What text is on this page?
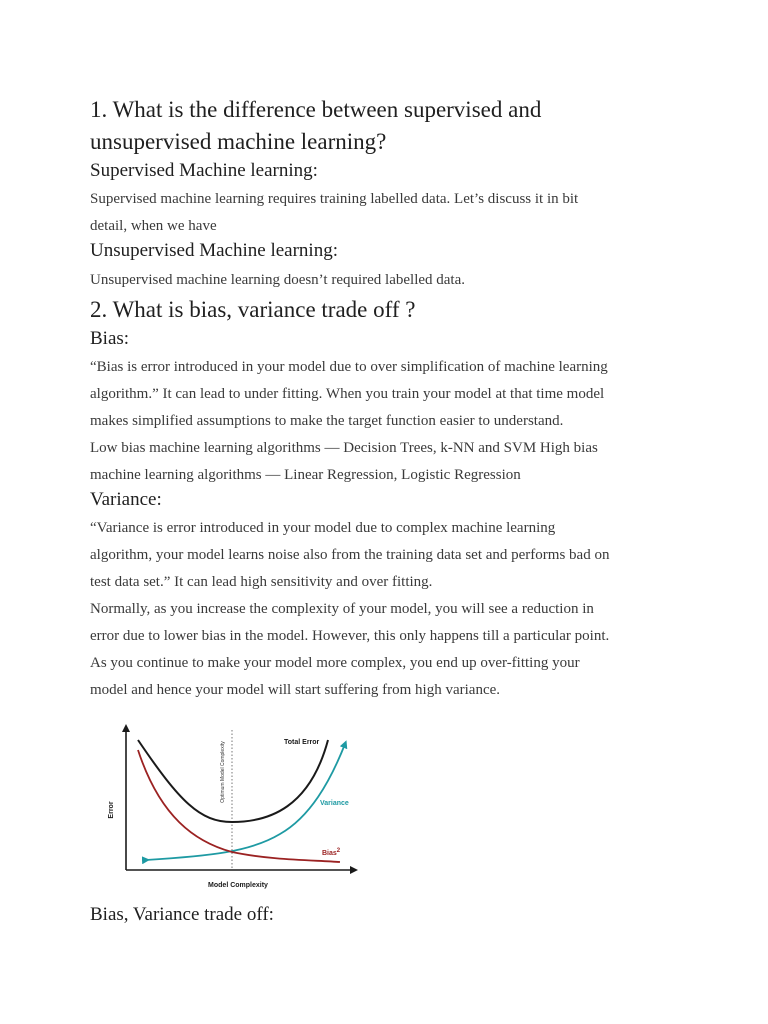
1. What is the difference between supervised and
unsupervised machine learning?
Supervised Machine learning:
Supervised machine learning requires training labelled data. Let’s discuss it in bit
detail, when we have
Unsupervised Machine learning:
Unsupervised machine learning doesn’t required labelled data.
2. What is bias, variance trade off ?
Bias:
“Bias is error introduced in your model due to over simplification of machine learning
algorithm.” It can lead to under fitting. When you train your model at that time model
makes simplified assumptions to make the target function easier to understand.
Low bias machine learning algorithms — Decision Trees, k-NN and SVM High bias
machine learning algorithms — Linear Regression, Logistic Regression
Variance:
“Variance is error introduced in your model due to complex machine learning
algorithm, your model learns noise also from the training data set and performs bad on
test data set.” It can lead high sensitivity and over fitting.
Normally, as you increase the complexity of your model, you will see a reduction in
error due to lower bias in the model. However, this only happens till a particular point.
As you continue to make your model more complex, you end up over-fitting your
model and hence your model will start suffering from high variance.
Bias, Variance trade off:
Error
Model Complexity
Optimum Model Complexity	Total Error
Variance
Bias2
